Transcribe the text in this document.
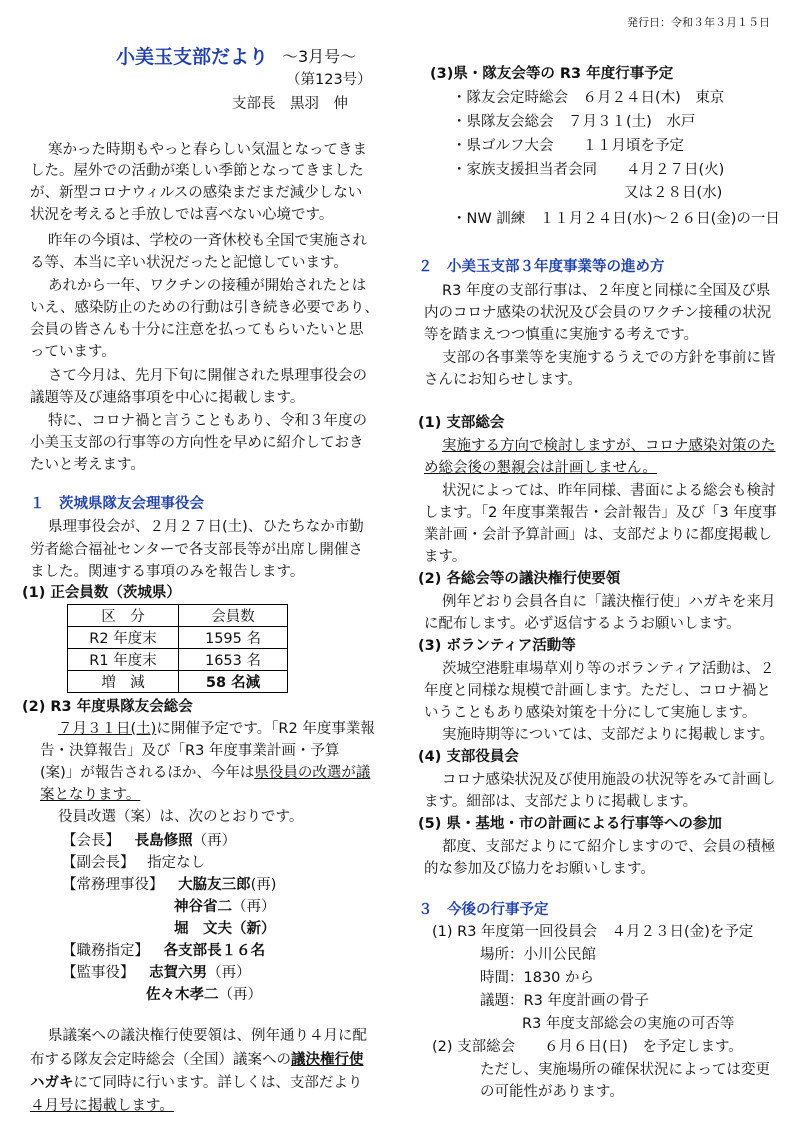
発行日：令和３年３月１５日
小美玉支部だより ～3月号～
（第123号）
支部長　黒羽　伸
寒かった時期もやっと春らしい気温となってきま
した。屋外での活動が楽しい季節となってきました
が、新型コロナウィルスの感染まだまだ減少しない
状況を考えると手放しでは喜べない心境です。
昨年の今頃は、学校の一斉休校も全国で実施され
る等、本当に辛い状況だったと記憶しています。
あれから一年、ワクチンの接種が開始されたとは
いえ、感染防止のための行動は引き続き必要であり、
会員の皆さんも十分に注意を払ってもらいたいと思
っています。
さて今月は、先月下旬に開催された県理事役会の
議題等及び連絡事項を中心に掲載します。
特に、コロナ禍と言うこともあり、令和３年度の
小美玉支部の行事等の方向性を早めに紹介しておき
たいと考えます。
１　茨城県隊友会理事役会
県理事役会が、２月２７日(土)、ひたちなか市勤
労者総合福祉センターで各支部長等が出席し開催さ
ました。関連する事項のみを報告します。
(1) 正会員数（茨城県）
区　分	会員数
R2 年度末	1595 名
R1 年度末	1653 名
増　減	58 名減
(2) R3 年度県隊友会総会
７月３１日(土)に開催予定です。「R2 年度事業報
告・決算報告」及び「R3 年度事業計画・予算
(案)」が報告されるほか、今年は県役員の改選が議
案となります。
役員改選（案）は、次のとおりです。
【会長】 長島修照（再）
【副会長】 指定なし
【常務理事役】 大脇友三郎(再)
神谷省二（再）
堀　文夫（新）
【職務指定】 各支部長１６名
【監事役】 志賀六男（再）
佐々木孝二（再）
県議案への議決権行使要領は、例年通り４月に配
布する隊友会定時総会（全国）議案への議決権行使
ハガキにて同時に行います。詳しくは、支部だより
４月号に掲載します。
(3)県・隊友会等の R3 年度行事予定
・隊友会定時総会　６月２４日(木)　東京
・県隊友会総会　７月３１(土)　水戸
・県ゴルフ大会　　１１月頃を予定
・家族支援担当者会同　　４月２７日(火)
又は２８日(水)
・NW 訓練　１１月２４日(水)～２６日(金)の一日
２　小美玉支部３年度事業等の進め方
R3 年度の支部行事は、２年度と同様に全国及び県
内のコロナ感染の状況及び会員のワクチン接種の状況
等を踏まえつつ慎重に実施する考えです。
支部の各事業等を実施するうえでの方針を事前に皆
さんにお知らせします。
(1) 支部総会
実施する方向で検討しますが、コロナ感染対策のた
め総会後の懇親会は計画しません。
状況によっては、昨年同様、書面による総会も検討
します。「2 年度事業報告・会計報告」及び「3 年度事
業計画・会計予算計画」は、支部だよりに都度掲載し
ます。
(2) 各総会等の議決権行使要領
例年どおり会員各自に「議決権行使」ハガキを来月
に配布します。必ず返信するようお願いします。
(3) ボランティア活動等
茨城空港駐車場草刈り等のボランティア活動は、２
年度と同様な規模で計画します。ただし、コロナ禍と
いうこともあり感染対策を十分にして実施します。
実施時期等については、支部だよりに掲載します。
(4) 支部役員会
コロナ感染状況及び使用施設の状況等をみて計画し
ます。細部は、支部だよりに掲載します。
(5) 県・基地・市の計画による行事等への参加
都度、支部だよりにて紹介しますので、会員の積極
的な参加及び協力をお願いします。
３　今後の行事予定
(1) R3 年度第一回役員会　４月２３日(金)を予定
場所：小川公民館
時間：1830 から
議題：R3 年度計画の骨子
R3 年度支部総会の実施の可否等
(2) 支部総会　　６月６日(日)　を予定します。
ただし、実施場所の確保状況によっては変更
の可能性があります。
